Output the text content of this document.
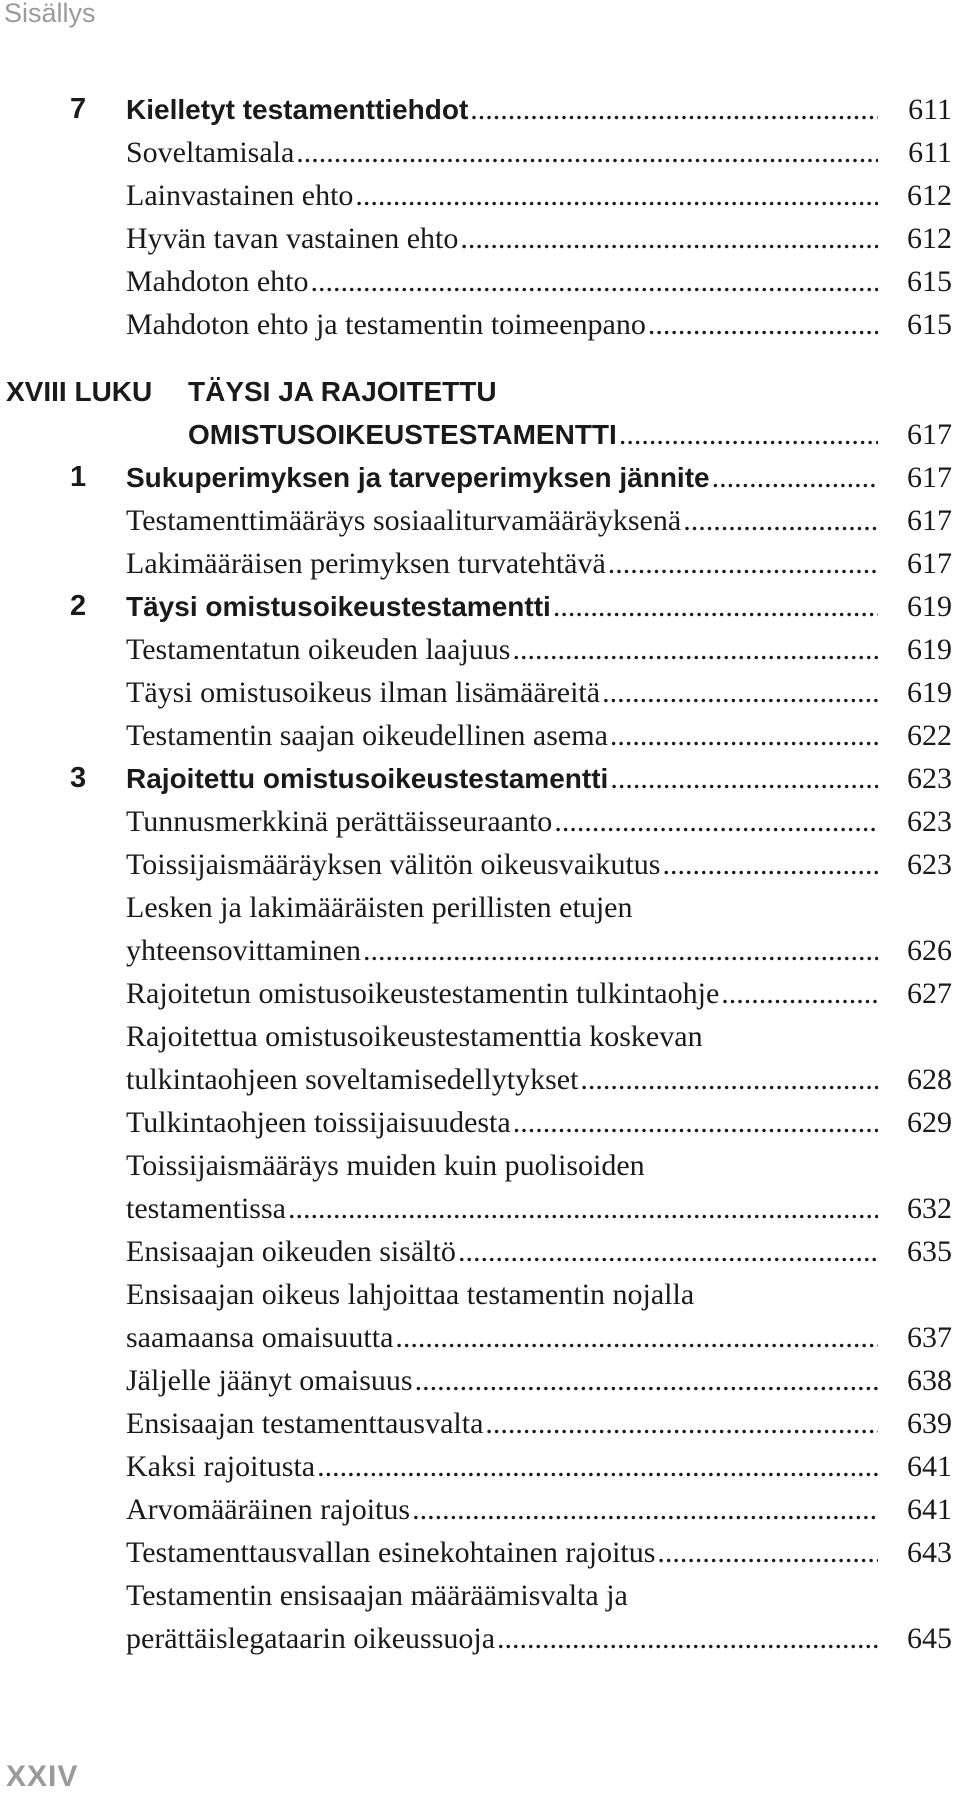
Sisällys
7 Kielletyt testamenttiehdot .....	611
Soveltamisala .....	611
Lainvastainen ehto .....	612
Hyvän tavan vastainen ehto .....	612
Mahdoton ehto .....	615
Mahdoton ehto ja testamentin toimeenpano .....	615
XVIII LUKU TÄYSI JA RAJOITETTU
OMISTUSOIKEUSTESTAMENTTI .....	617
1 Sukuperimyksen ja tarveperimyksen jännite .....	617
Testamenttimääräys sosiaaliturvamääräyksenä .....	617
Lakimääräisen perimyksen turvatehtävä .....	617
2 Täysi omistusoikeustestamentti .....	619
Testamentatun oikeuden laajuus .....	619
Täysi omistusoikeus ilman lisämääreitä .....	619
Testamentin saajan oikeudellinen asema .....	622
3 Rajoitettu omistusoikeustestamentti .....	623
Tunnusmerkkinä perättäisseuraanto .....	623
Toissijaismääräyksen välitön oikeusvaikutus .....	623
Lesken ja lakimääräisten perillisten etujen
yhteensovittaminen .....	626
Rajoitetun omistusoikeustestamentin tulkintaohje .....	627
Rajoitettua omistusoikeustestamenttia koskevan
tulkintaohjeen soveltamisedellytykset .....	628
Tulkintaohjeen toissijaisuudesta .....	629
Toissijaismääräys muiden kuin puolisoiden
testamentissa .....	632
Ensisaajan oikeuden sisältö .....	635
Ensisaajan oikeus lahjoittaa testamentin nojalla
saamaansa omaisuutta .....	637
Jäljelle jäänyt omaisuus .....	638
Ensisaajan testamenttausvalta .....	639
Kaksi rajoitusta .....	641
Arvomääräinen rajoitus .....	641
Testamenttausvallan esinekohtainen rajoitus .....	643
Testamentin ensisaajan määräämisvalta ja
perättäislegataarin oikeussuoja .....	645
XXIV
